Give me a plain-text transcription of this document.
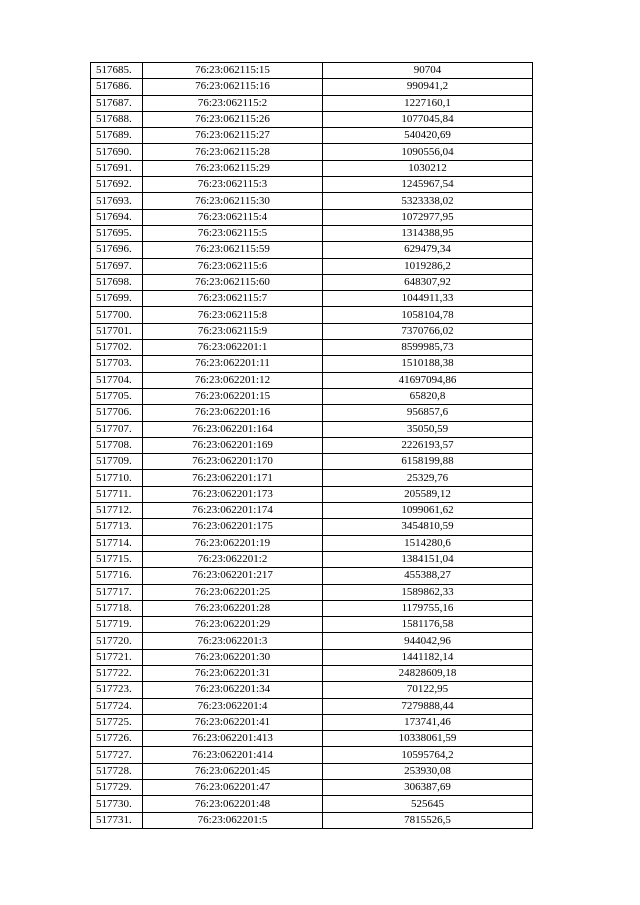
517685.	76:23:062115:15	90704
517686.	76:23:062115:16	990941,2
517687.	76:23:062115:2	1227160,1
517688.	76:23:062115:26	1077045,84
517689.	76:23:062115:27	540420,69
517690.	76:23:062115:28	1090556,04
517691.	76:23:062115:29	1030212
517692.	76:23:062115:3	1245967,54
517693.	76:23:062115:30	5323338,02
517694.	76:23:062115:4	1072977,95
517695.	76:23:062115:5	1314388,95
517696.	76:23:062115:59	629479,34
517697.	76:23:062115:6	1019286,2
517698.	76:23:062115:60	648307,92
517699.	76:23:062115:7	1044911,33
517700.	76:23:062115:8	1058104,78
517701.	76:23:062115:9	7370766,02
517702.	76:23:062201:1	8599985,73
517703.	76:23:062201:11	1510188,38
517704.	76:23:062201:12	41697094,86
517705.	76:23:062201:15	65820,8
517706.	76:23:062201:16	956857,6
517707.	76:23:062201:164	35050,59
517708.	76:23:062201:169	2226193,57
517709.	76:23:062201:170	6158199,88
517710.	76:23:062201:171	25329,76
517711.	76:23:062201:173	205589,12
517712.	76:23:062201:174	1099061,62
517713.	76:23:062201:175	3454810,59
517714.	76:23:062201:19	1514280,6
517715.	76:23:062201:2	1384151,04
517716.	76:23:062201:217	455388,27
517717.	76:23:062201:25	1589862,33
517718.	76:23:062201:28	1179755,16
517719.	76:23:062201:29	1581176,58
517720.	76:23:062201:3	944042,96
517721.	76:23:062201:30	1441182,14
517722.	76:23:062201:31	24828609,18
517723.	76:23:062201:34	70122,95
517724.	76:23:062201:4	7279888,44
517725.	76:23:062201:41	173741,46
517726.	76:23:062201:413	10338061,59
517727.	76:23:062201:414	10595764,2
517728.	76:23:062201:45	253930,08
517729.	76:23:062201:47	306387,69
517730.	76:23:062201:48	525645
517731.	76:23:062201:5	7815526,5
